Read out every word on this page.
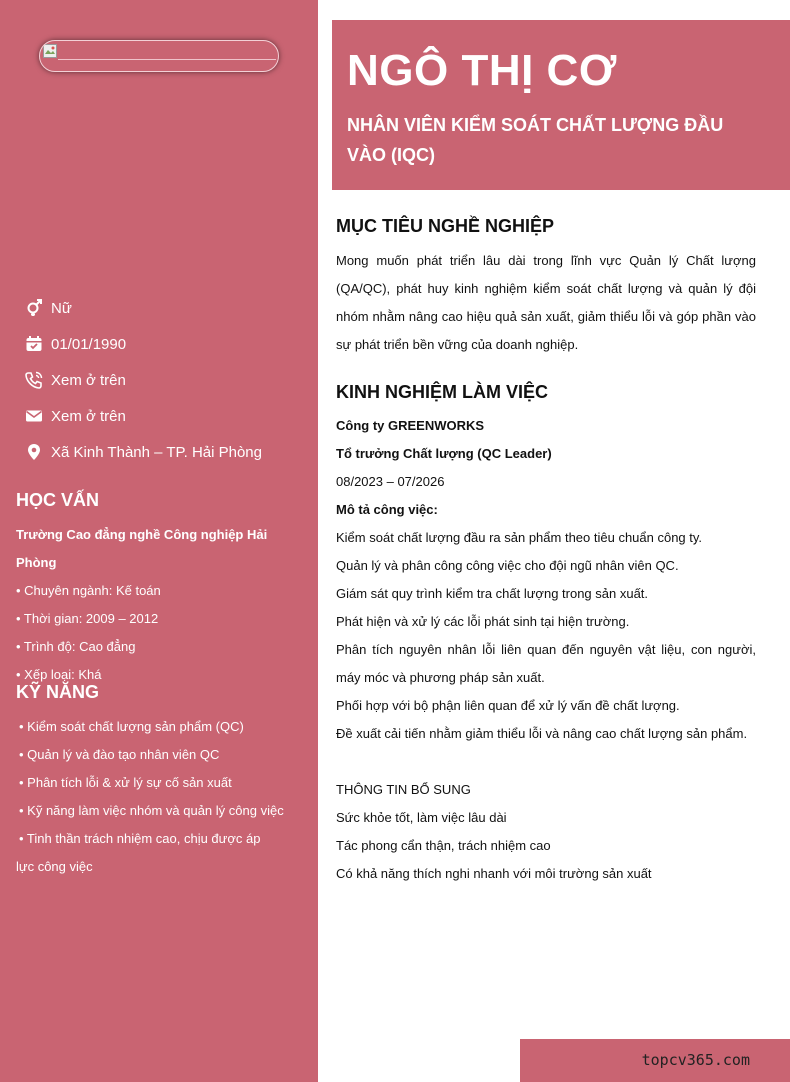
Nữ
01/01/1990
Xem ở trên
Xem ở trên
Xã Kinh Thành – TP. Hải Phòng
HỌC VẤN
Trường Cao đẳng nghề Công nghiệp Hải Phòng
• Chuyên ngành: Kế toán
• Thời gian: 2009 – 2012
• Trình độ: Cao đẳng
• Xếp loại: Khá
KỸ NĂNG
• Kiểm soát chất lượng sản phẩm (QC)
• Quản lý và đào tạo nhân viên QC
• Phân tích lỗi & xử lý sự cố sản xuất
• Kỹ năng làm việc nhóm và quản lý công việc
• Tinh thần trách nhiệm cao, chịu được áp
lực công việc
NGÔ THỊ CƠ
NHÂN VIÊN KIỂM SOÁT CHẤT LƯỢNG ĐẦU VÀO (IQC)
MỤC TIÊU NGHỀ NGHIỆP
Mong muốn phát triển lâu dài trong lĩnh vực Quản lý Chất lượng (QA/QC), phát huy kinh nghiệm kiểm soát chất lượng và quản lý đội nhóm nhằm nâng cao hiệu quả sản xuất, giảm thiểu lỗi và góp phần vào sự phát triển bền vững của doanh nghiệp.
KINH NGHIỆM LÀM VIỆC
Công ty GREENWORKS
Tổ trưởng Chất lượng (QC Leader)
08/2023 – 07/2026
Mô tả công việc:
Kiểm soát chất lượng đầu ra sản phẩm theo tiêu chuẩn công ty.
Quản lý và phân công công việc cho đội ngũ nhân viên QC.
Giám sát quy trình kiểm tra chất lượng trong sản xuất.
Phát hiện và xử lý các lỗi phát sinh tại hiện trường.
Phân tích nguyên nhân lỗi liên quan đến nguyên vật liệu, con người, máy móc và phương pháp sản xuất.
Phối hợp với bộ phận liên quan để xử lý vấn đề chất lượng.
Đề xuất cải tiến nhằm giảm thiểu lỗi và nâng cao chất lượng sản phẩm.
THÔNG TIN BỔ SUNG
Sức khỏe tốt, làm việc lâu dài
Tác phong cẩn thận, trách nhiệm cao
Có khả năng thích nghi nhanh với môi trường sản xuất
topcv365.com
